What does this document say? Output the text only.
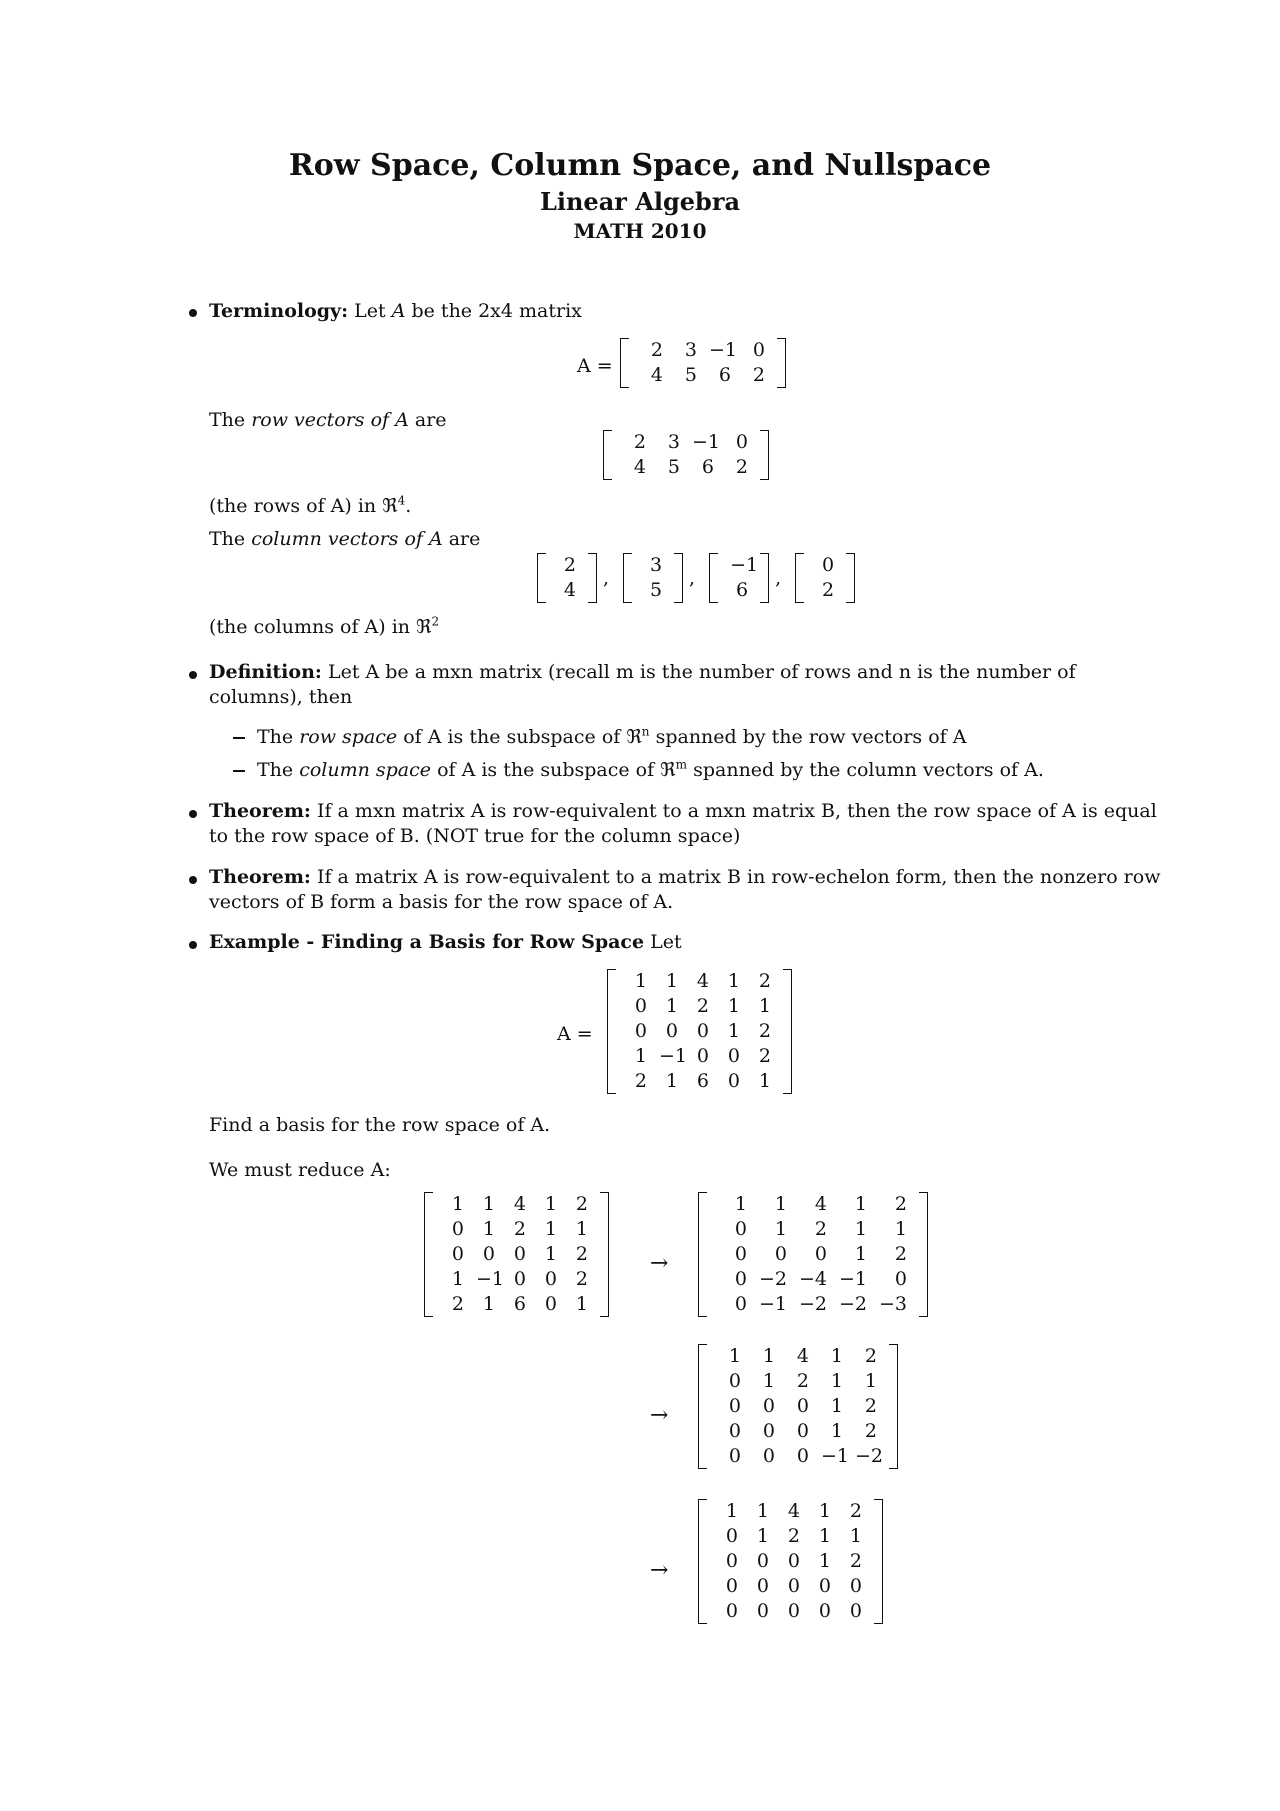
Row Space, Column Space, and Nullspace
Linear Algebra
MATH 2010
Terminology: Let A be the 2x4 matrix
A =
2	3 −1 0
4	5	6	2
The row vectors of A are
2	3 −1 0
4	5	6	2
(the rows of A) in ℜ$^4$.
The column vectors of A are
2
4
,
3
5
,
−1
6
,
0
2
(the columns of A) in ℜ$^2$
Definition: Let A be a mxn matrix (recall m is the number of rows and n is the number of columns), then
The row space of A is the subspace of ℜ$^n$ spanned by the row vectors of A
The column space of A is the subspace of ℜ$^m$ spanned by the column vectors of A.
Theorem: If a mxn matrix A is row-equivalent to a mxn matrix B, then the row space of A is equal to the row space of B. (NOT true for the column space)
Theorem: If a matrix A is row-equivalent to a matrix B in row-echelon form, then the nonzero row vectors of B form a basis for the row space of A.
Example - Finding a Basis for Row Space Let
A =
1 1 4 1 2
0 1 2 1 1
0 0 0 1 2
1 −1 0 0 2
2 1 6 0 1
Find a basis for the row space of A.
We must reduce A:
1 1 4 1 2
0 1 2 1 1
0 0 0 1 2
1 −1 0 0 2
2 1 6 0 1
→
1	1	4	1	2
0	1	2	1	1
0	0	0	1	2
0 −2 −4 −1	0
0 −1 −2 −2 −3
→
1	1	4	1	2
0	1	2	1	1
0	0	0	1	2
0	0	0	1	2
0	0	0 −1 −2
→
1 1 4 1 2
0 1 2 1 1
0 0 0 1 2
0 0 0 0 0
0 0 0 0 0
